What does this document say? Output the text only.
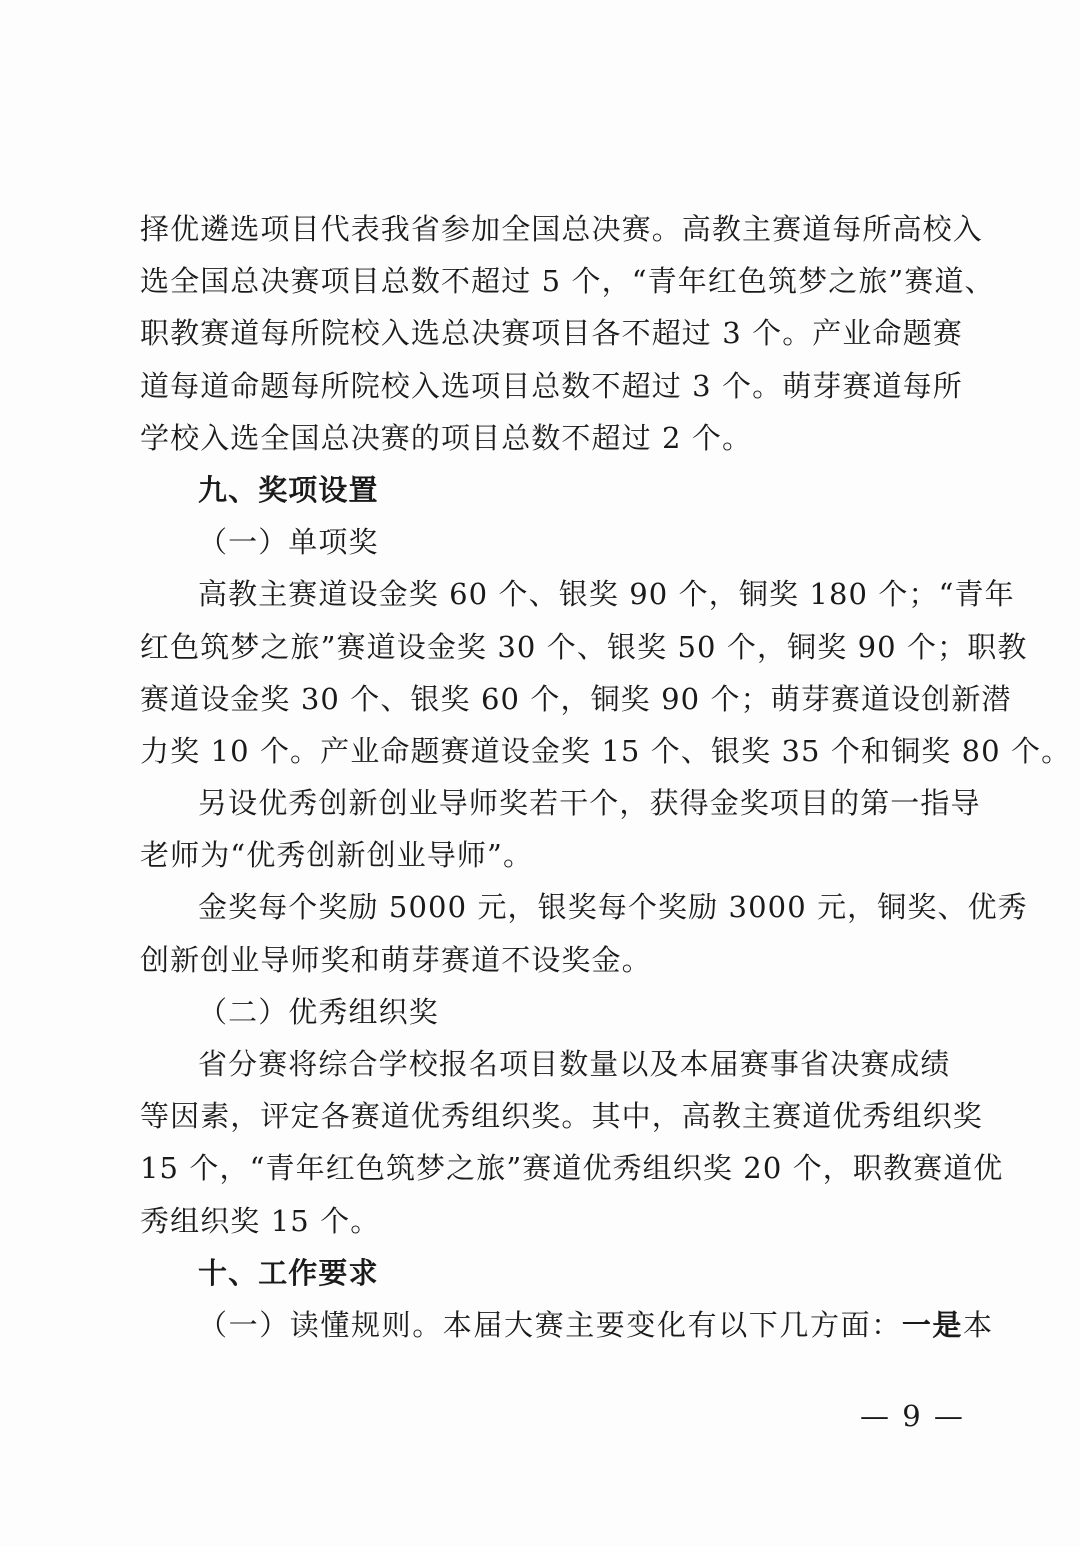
择优遴选项目代表我省参加全国总决赛。高教主赛道每所高校入
选全国总决赛项目总数不超过 5 个，“青年红色筑梦之旅”赛道、
职教赛道每所院校入选总决赛项目各不超过 3 个。产业命题赛
道每道命题每所院校入选项目总数不超过 3 个。萌芽赛道每所
学校入选全国总决赛的项目总数不超过 2 个。
九、奖项设置
（一）单项奖
高教主赛道设金奖 60 个、银奖 90 个，铜奖 180 个；“青年
红色筑梦之旅”赛道设金奖 30 个、银奖 50 个，铜奖 90 个；职教
赛道设金奖 30 个、银奖 60 个，铜奖 90 个；萌芽赛道设创新潜
力奖 10 个。产业命题赛道设金奖 15 个、银奖 35 个和铜奖 80 个。
另设优秀创新创业导师奖若干个，获得金奖项目的第一指导
老师为“优秀创新创业导师”。
金奖每个奖励 5000 元，银奖每个奖励 3000 元，铜奖、优秀
创新创业导师奖和萌芽赛道不设奖金。
（二）优秀组织奖
省分赛将综合学校报名项目数量以及本届赛事省决赛成绩
等因素，评定各赛道优秀组织奖。其中，高教主赛道优秀组织奖
15 个，“青年红色筑梦之旅”赛道优秀组织奖 20 个，职教赛道优
秀组织奖 15 个。
十、工作要求
（一）读懂规则。本届大赛主要变化有以下几方面：一是本
— 9 —
